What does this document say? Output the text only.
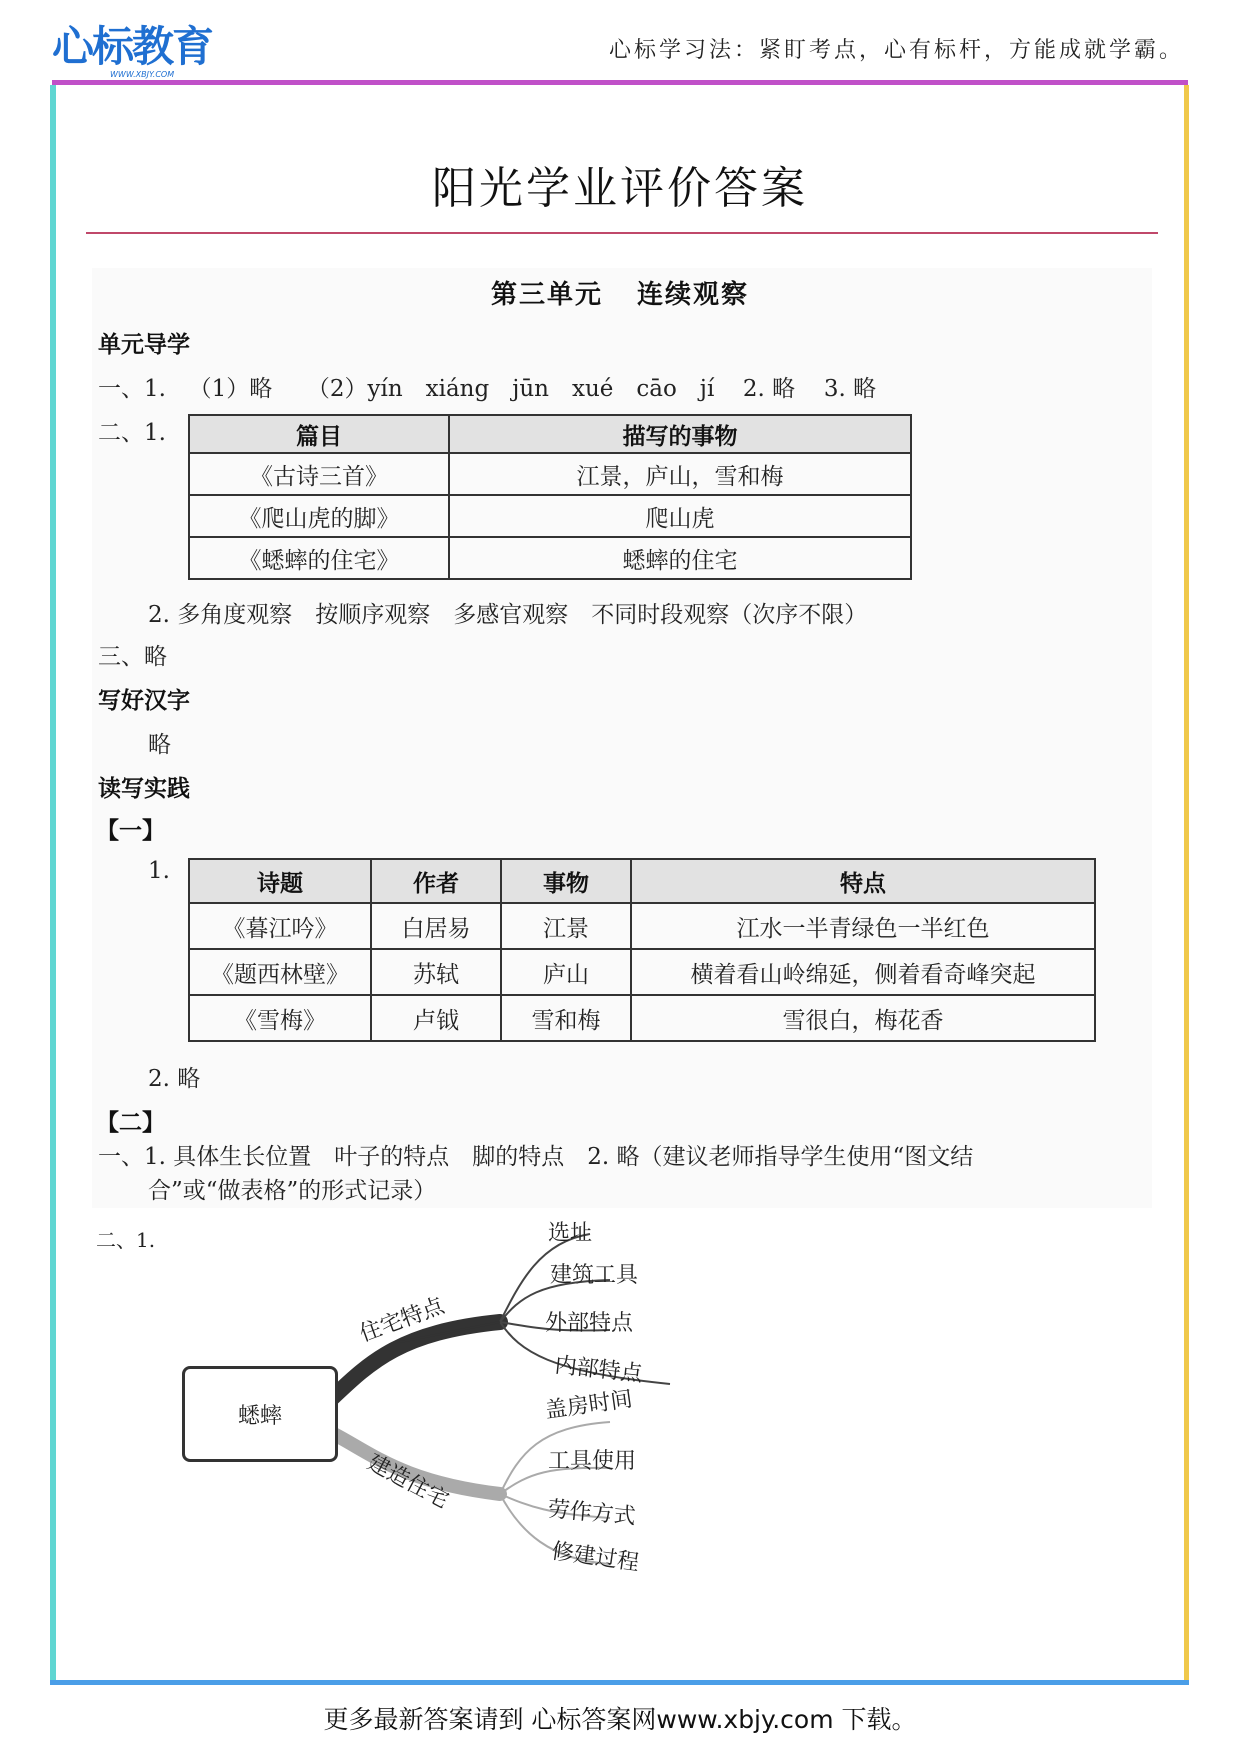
心标教育
WWW.XBJY.COM
心标学习法：紧盯考点，心有标杆，方能成就学霸。
更多最新答案请到 心标答案网www.xbjy.com 下载。
阳光学业评价答案
第三单元 连续观察
单元导学
一、1. （1）略 （2）yín　xiáng　jūn　xué　cāo　jí 2. 略 3. 略
二、1.	篇目	描写的事物
《古诗三首》	江景，庐山，雪和梅
《爬山虎的脚》	爬山虎
《蟋蟀的住宅》	蟋蟀的住宅
2. 多角度观察　按顺序观察　多感官观察　不同时段观察（次序不限）
三、略
写好汉字
略
读写实践
【一】
1.	诗题	作者	事物	特点
《暮江吟》	白居易	江景	江水一半青绿色一半红色
《题西林壁》	苏轼	庐山	横着看山岭绵延，侧着看奇峰突起
《雪梅》	卢钺	雪和梅	雪很白，梅花香
2. 略
【二】
一、1. 具体生长位置　叶子的特点　脚的特点　2. 略（建议老师指导学生使用“图文结
合”或“做表格”的形式记录）
二、1.
蟋蟀
住宅特点
建造住宅
选址
建筑工具
外部特点
内部特点
盖房时间
工具使用
劳作方式
修建过程
